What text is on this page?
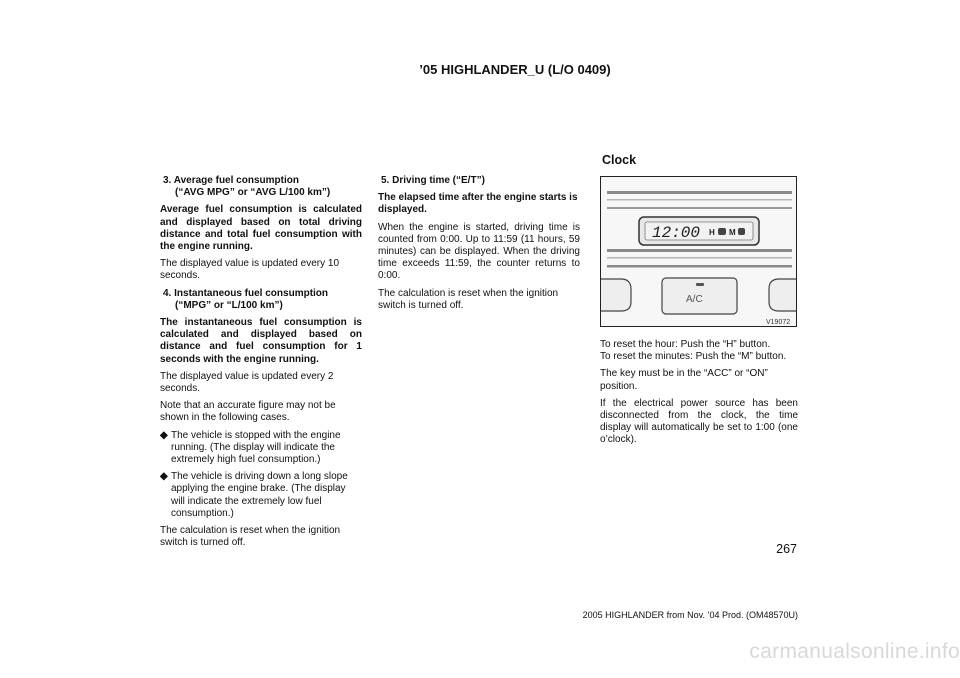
’05 HIGHLANDER_U (L/O 0409)
3. Average fuel consumption
(“AVG MPG” or “AVG L/100 km”)

Average fuel consumption is calculated and displayed based on total driving distance and total fuel consumption with the engine running.

The displayed value is updated every 10 seconds.

4. Instantaneous fuel consumption
(“MPG” or “L/100 km”)

The instantaneous fuel consumption is calculated and displayed based on distance and fuel consumption for 1 seconds with the engine running.

The displayed value is updated every 2 seconds.

Note that an accurate figure may not be shown in the following cases.

◆ The vehicle is stopped with the engine running. (The display will indicate the extremely high fuel consumption.)
◆ The vehicle is driving down a long slope applying the engine brake. (The display will indicate the extremely low fuel consumption.)

The calculation is reset when the ignition switch is turned off.

5. Driving time (“E/T”)

The elapsed time after the engine starts is displayed.

When the engine is started, driving time is counted from 0:00. Up to 11:59 (11 hours, 59 minutes) can be displayed. When the driving time exceeds 11:59, the counter returns to 0:00.

The calculation is reset when the ignition switch is turned off.

Clock
12:00 H M
A/C
V19072

To reset the hour: Push the “H” button.

To reset the minutes: Push the “M” button.

The key must be in the “ACC” or “ON” position.

If the electrical power source has been disconnected from the clock, the time display will automatically be set to 1:00 (one o’clock).

267
2005 HIGHLANDER from Nov. ’04 Prod. (OM48570U)
carmanualsonline.info
